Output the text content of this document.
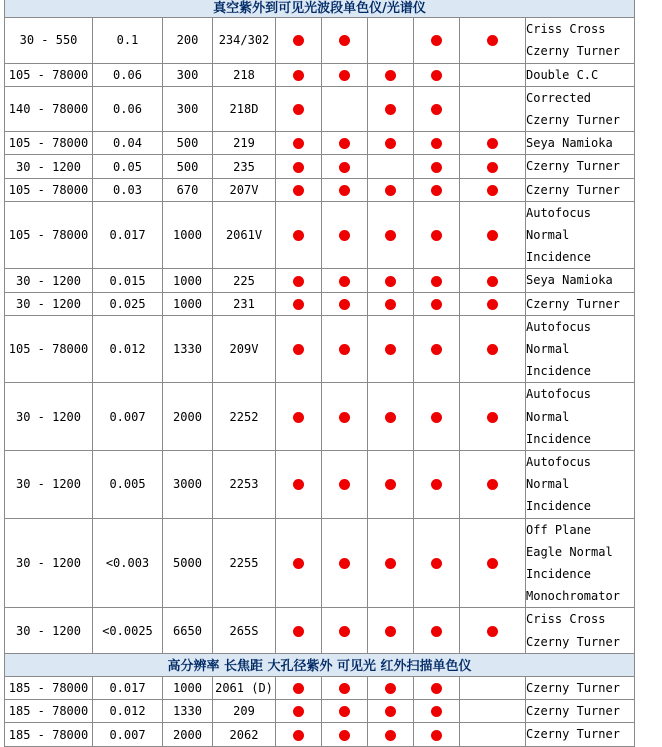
真空紫外到可见光波段单色仪/光谱仪									
30 - 550	0.1	200	234/302						Criss Cross
Czerny Turner

105 - 78000	0.06	300	218						Double C.C

140 - 78000	0.06	300	218D						Corrected
Czerny Turner

105 - 78000	0.04	500	219						Seya Namioka

30 - 1200	0.05	500	235						Czerny Turner

105 - 78000	0.03	670	207V						Czerny Turner

105 - 78000	0.017	1000	2061V						Autofocus
Normal
Incidence

30 - 1200	0.015	1000	225						Seya Namioka

30 - 1200	0.025	1000	231						Czerny Turner

105 - 78000	0.012	1330	209V						Autofocus
Normal
Incidence

30 - 1200	0.007	2000	2252						Autofocus
Normal
Incidence

30 - 1200	0.005	3000	2253						Autofocus
Normal
Incidence

30 - 1200	<0.003	5000	2255						Off Plane
Eagle Normal
Incidence
Monochromator

30 - 1200	<0.0025	6650	265S						Criss Cross
Czerny Turner

高分辨率 长焦距 大孔径紫外 可见光 红外扫描单色仪									
185 - 78000	0.017	1000	2061 (D)						Czerny Turner

185 - 78000	0.012	1330	209						Czerny Turner

185 - 78000	0.007	2000	2062						Czerny Turner
